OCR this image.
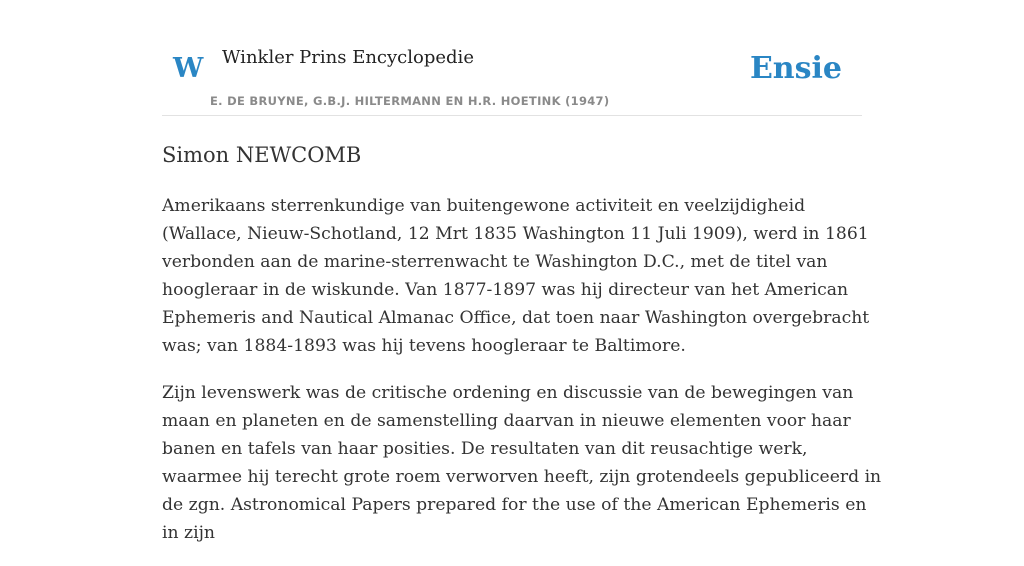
W Winkler Prins Encyclopedie	Ensie
E. DE BRUYNE, G.B.J. HILTERMANN EN H.R. HOETINK (1947)
Simon NEWCOMB

Amerikaans sterrenkundige van buitengewone activiteit en veelzijdigheid (Wallace, Nieuw-Schotland, 12 Mrt 1835 Washington 11 Juli 1909), werd in 1861 verbonden aan de marine-sterrenwacht te Washington D.C., met de titel van hoogleraar in de wiskunde. Van 1877-1897 was hij directeur van het American Ephemeris and Nautical Almanac Office, dat toen naar Washington overgebracht was; van 1884-1893 was hij tevens hoogleraar te Baltimore.

Zijn levenswerk was de critische ordening en discussie van de bewegingen van maan en planeten en de samenstelling daarvan in nieuwe elementen voor haar banen en tafels van haar posities. De resultaten van dit reusachtige werk, waarmee hij terecht grote roem verworven heeft, zijn grotendeels gepubliceerd in de zgn. Astronomical Papers prepared for the use of the American Ephemeris en in zijn
